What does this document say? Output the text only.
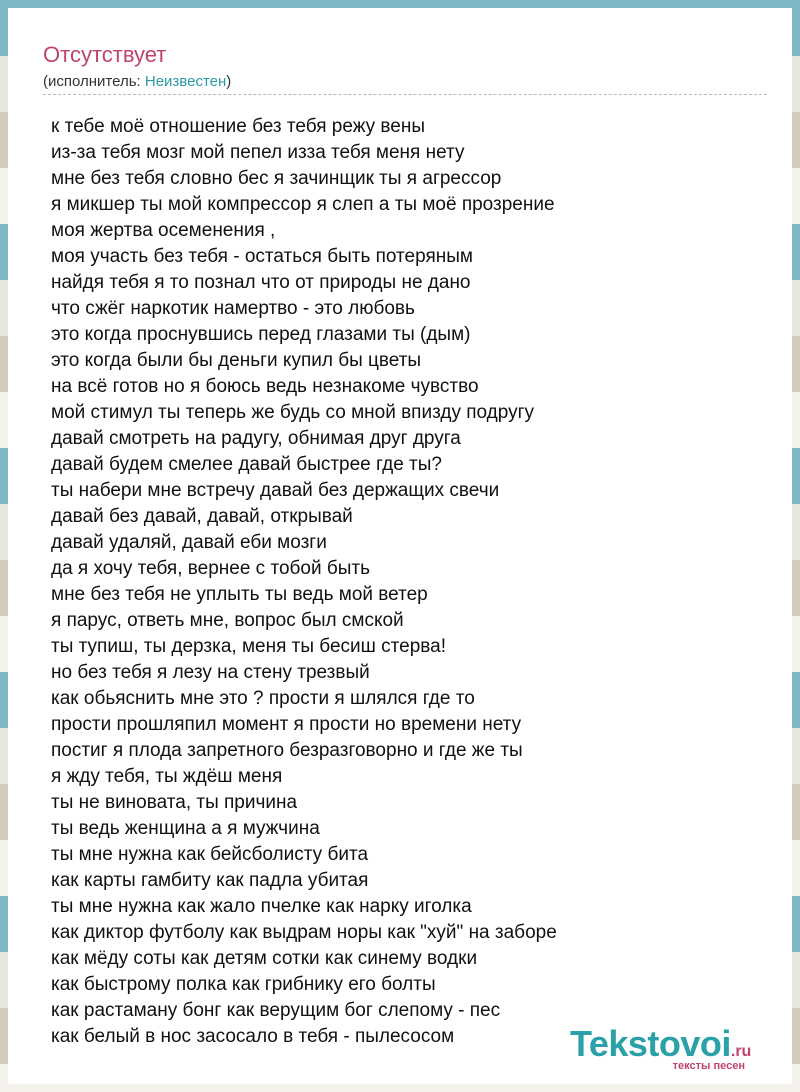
Отсутствует
(исполнитель: Неизвестен)
к тебе моё отношение без тебя режу вены
из-за тебя мозг мой пепел изза тебя меня нету
мне без тебя словно бес я зачинщик ты я агрессор
я микшер ты мой компрессор я слеп а ты моё прозрение
моя жертва осеменения ,
моя участь без тебя - остаться быть потеряным
найдя тебя я то познал что от природы не дано
что сжёг наркотик намертво - это любовь
это когда проснувшись перед глазами ты (дым)
это когда были бы деньги купил бы цветы
на всё готов но я боюсь ведь незнакоме чувство
мой стимул ты теперь же будь со мной впизду подругу
давай смотреть на радугу, обнимая друг друга
давай будем смелее давай быстрее где ты?
ты набери мне встречу давай без держащих свечи
давай без давай, давай, открывай
давай удаляй, давай еби мозги
да я хочу тебя, вернее с тобой быть
мне без тебя не уплыть ты ведь мой ветер
я парус, ответь мне, вопрос был смской
ты тупиш, ты дерзка, меня ты бесиш стерва!
но без тебя я лезу на стену трезвый
как обьяснить мне это ? прости я шлялся где то
прости прошляпил момент я прости но времени нету
постиг я плода запретного безразговорно и где же ты
я жду тебя, ты ждёш меня
ты не виновата, ты причина
ты ведь женщина а я мужчина
ты мне нужна как бейсболисту бита
как карты гамбиту как падла убитая
ты мне нужна как жало пчелке как нарку иголка
как диктор футболу как выдрам норы как "хуй" на заборе
как мёду соты как детям сотки как синему водки
как быстрому полка как грибнику его болты
как растаману бонг как верущим бог слепому - пес
как белый в нос засосало в тебя - пылесосом	Tekstovoi.ru
тексты песен
